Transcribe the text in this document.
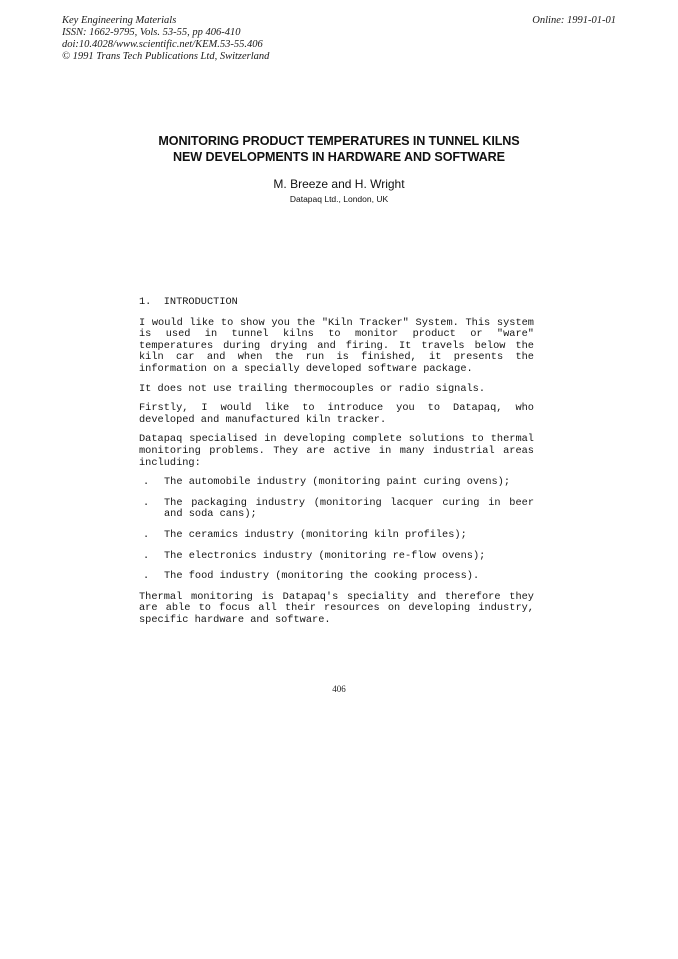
Key Engineering Materials
ISSN: 1662-9795, Vols. 53-55, pp 406-410
doi:10.4028/www.scientific.net/KEM.53-55.406
© 1991 Trans Tech Publications Ltd, Switzerland
Online: 1991-01-01
MONITORING PRODUCT TEMPERATURES IN TUNNEL KILNS
NEW DEVELOPMENTS IN HARDWARE AND SOFTWARE
M. Breeze and H. Wright
Datapaq Ltd., London, UK
1.  INTRODUCTION

I would like to show you the "Kiln Tracker" System. This system is used in tunnel kilns to monitor product or "ware" temperatures during drying and firing. It travels below the kiln car and when the run is finished, it presents the information on a specially developed software package.

It does not use trailing thermocouples or radio signals.

Firstly, I would like to introduce you to Datapaq, who developed and manufactured kiln tracker.

Datapaq specialised in developing complete solutions to thermal monitoring problems. They are active in many industrial areas including:

. The automobile industry (monitoring paint curing ovens);
. The packaging industry (monitoring lacquer curing in beer and soda cans);
. The ceramics industry (monitoring kiln profiles);
. The electronics industry (monitoring re-flow ovens);
. The food industry (monitoring the cooking process).

Thermal monitoring is Datapaq's speciality and therefore they are able to focus all their resources on developing industry, specific hardware and software.

406
